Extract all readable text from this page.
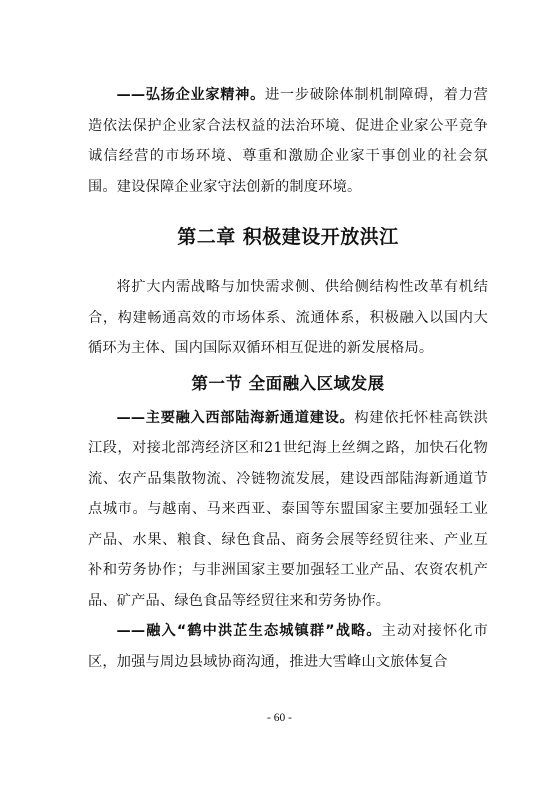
——弘扬企业家精神。进一步破除体制机制障碍，着力营造依法保护企业家合法权益的法治环境、促进企业家公平竞争诚信经营的市场环境、尊重和激励企业家干事创业的社会氛围。建设保障企业家守法创新的制度环境。

第二章 积极建设开放洪江

将扩大内需战略与加快需求侧、供给侧结构性改革有机结合，构建畅通高效的市场体系、流通体系，积极融入以国内大循环为主体、国内国际双循环相互促进的新发展格局。

第一节 全面融入区域发展

——主要融入西部陆海新通道建设。构建依托怀桂高铁洪江段，对接北部湾经济区和21世纪海上丝绸之路，加快石化物流、农产品集散物流、冷链物流发展，建设西部陆海新通道节点城市。与越南、马来西亚、泰国等东盟国家主要加强轻工业产品、水果、粮食、绿色食品、商务会展等经贸往来、产业互补和劳务协作；与非洲国家主要加强轻工业产品、农资农机产品、矿产品、绿色食品等经贸往来和劳务协作。

——融入“鹤中洪芷生态城镇群”战略。主动对接怀化市区，加强与周边县域协商沟通，推进大雪峰山文旅体复合

- 60 -
